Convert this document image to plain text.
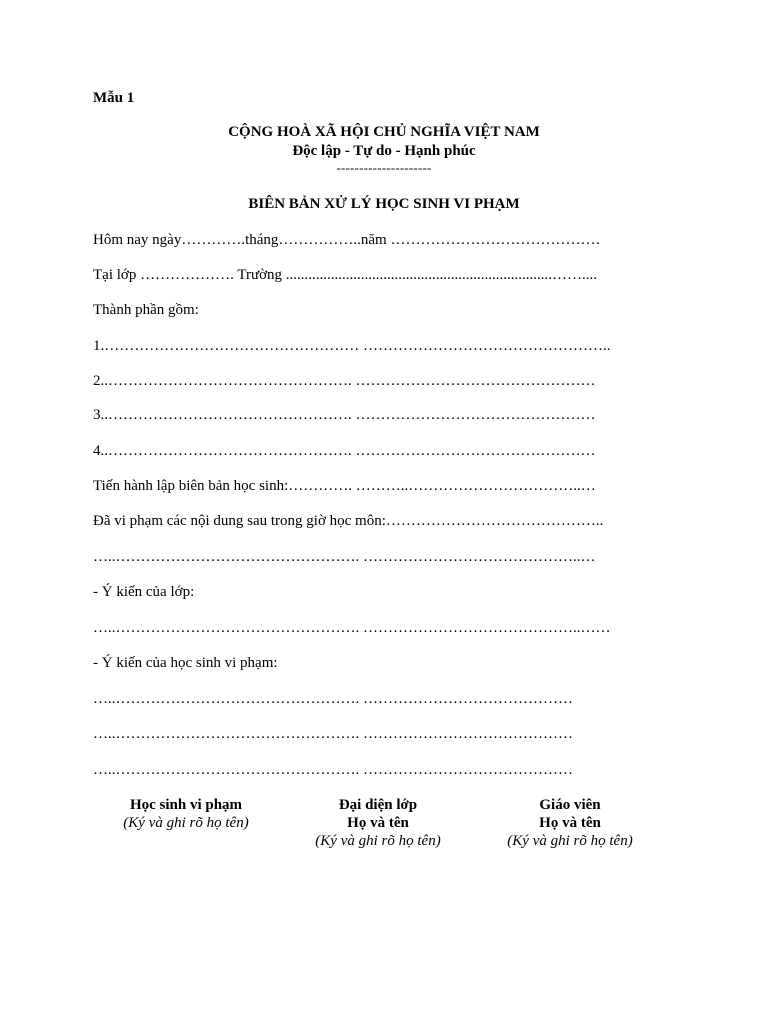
Mẫu 1
CỘNG HOÀ XÃ HỘI CHỦ NGHĨA VIỆT NAM
Độc lập - Tự do - Hạnh phúc
---------------------
BIÊN BẢN XỬ LÝ HỌC SINH VI PHẠM
Hôm nay ngày………….tháng……………..năm ……………………………………
Tại lớp ………………. Trường .......................................................................……....
Thành phần gồm:
1.…………………………………………… …………………………………………..
2..…………………………………………. …………………………………………
3..…………………………………………. …………………………………………
4..…………………………………………. …………………………………………
Tiến hành lập biên bản học sinh:…………. ………..……………………………..…
Đã vi phạm các nội dung sau trong giờ học môn:……………………………………..
…..…………………………………………. ……………………………………..…
- Ý kiến của lớp:
…..…………………………………………. ……………………………………..……
- Ý kiến của học sinh vi phạm:
…..…………………………………………. ……………………………………
…..…………………………………………. ……………………………………
…..…………………………………………. ……………………………………
Học sinh vi phạm
(Ký và ghi rõ họ tên)
Đại diện lớp
Họ và tên
(Ký và ghi rõ họ tên)
Giáo viên
Họ và tên
(Ký và ghi rõ họ tên)
